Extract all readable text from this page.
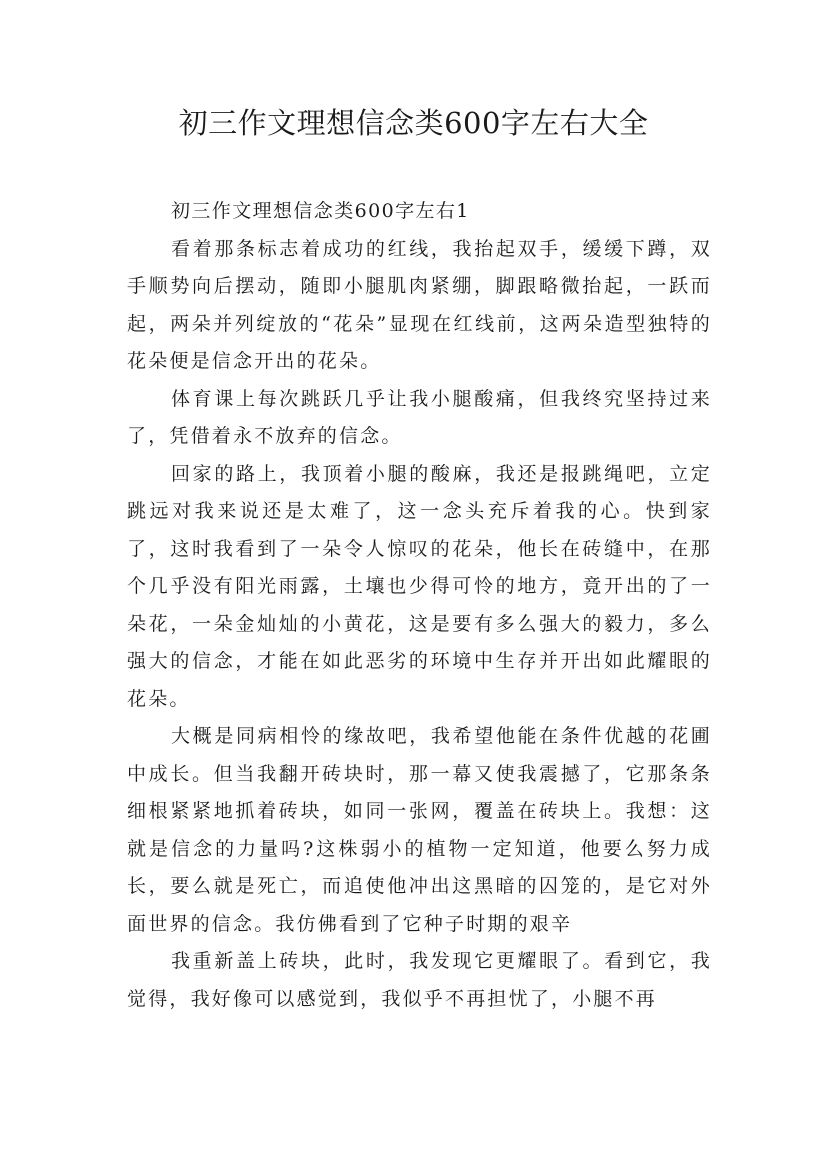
初三作文理想信念类600字左右大全

初三作文理想信念类600字左右1

看着那条标志着成功的红线，我抬起双手，缓缓下蹲，双手顺势向后摆动，随即小腿肌肉紧绷，脚跟略微抬起，一跃而起，两朵并列绽放的“花朵”显现在红线前，这两朵造型独特的花朵便是信念开出的花朵。

体育课上每次跳跃几乎让我小腿酸痛，但我终究坚持过来了，凭借着永不放弃的信念。

回家的路上，我顶着小腿的酸麻，我还是报跳绳吧，立定跳远对我来说还是太难了，这一念头充斥着我的心。快到家了，这时我看到了一朵令人惊叹的花朵，他长在砖缝中，在那个几乎没有阳光雨露，土壤也少得可怜的地方，竟开出的了一朵花，一朵金灿灿的小黄花，这是要有多么强大的毅力，多么强大的信念，才能在如此恶劣的环境中生存并开出如此耀眼的花朵。

大概是同病相怜的缘故吧，我希望他能在条件优越的花圃中成长。但当我翻开砖块时，那一幕又使我震撼了，它那条条细根紧紧地抓着砖块，如同一张网，覆盖在砖块上。我想：这就是信念的力量吗?这株弱小的植物一定知道，他要么努力成长，要么就是死亡，而追使他冲出这黑暗的囚笼的，是它对外面世界的信念。我仿佛看到了它种子时期的艰辛

我重新盖上砖块，此时，我发现它更耀眼了。看到它，我觉得，我好像可以感觉到，我似乎不再担忧了，小腿不再
